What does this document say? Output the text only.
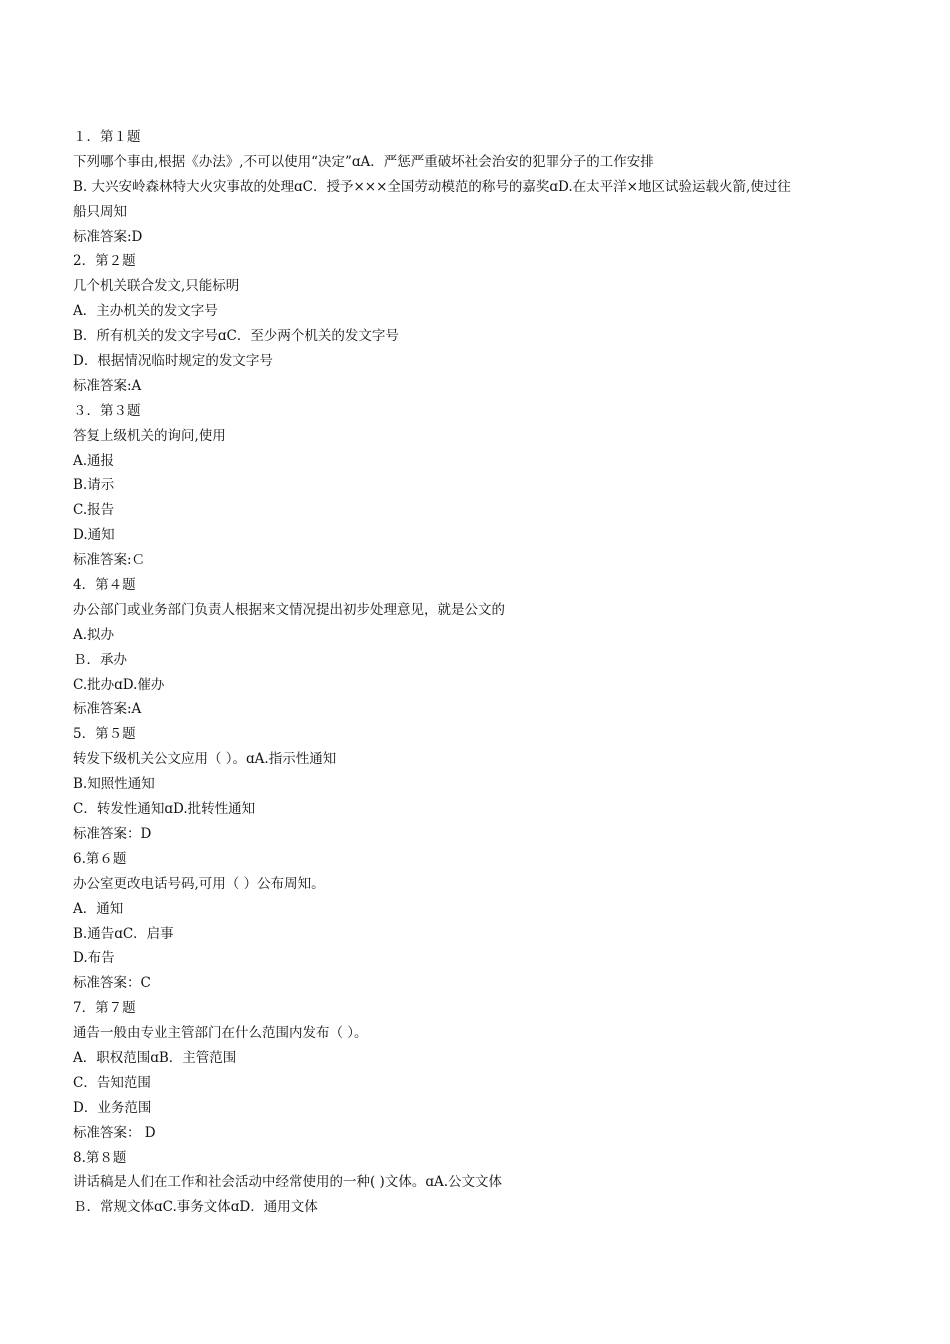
１．第１题
下列哪个事由,根据《办法》,不可以使用“决定”ɑA．严惩严重破坏社会治安的犯罪分子的工作安排
B. 大兴安岭森林特大火灾事故的处理ɑC．授予×××全国劳动模范的称号的嘉奖ɑD.在太平洋×地区试验运载火箭,使过往
船只周知
标准答案:D
2．第２题
几个机关联合发文,只能标明
A．主办机关的发文字号
B．所有机关的发文字号ɑC．至少两个机关的发文字号
D．根据情况临时规定的发文字号
标准答案:A
３．第３题
答复上级机关的询问,使用
A.通报
B.请示
C.报告
D.通知
标准答案:Ｃ
4．第４题
办公部门或业务部门负责人根据来文情况提出初步处理意见，就是公文的
A.拟办
Ｂ．承办
C.批办ɑD.催办
标准答案:A
5．第５题
转发下级机关公文应用（ ）。ɑA.指示性通知
B.知照性通知
C．转发性通知ɑD.批转性通知
标准答案：D
6.第６题
办公室更改电话号码,可用（ ）公布周知。
A．通知
B.通告ɑC．启事
D.布告
标准答案：C
7．第７题
通告一般由专业主管部门在什么范围内发布（ ）。
A．职权范围ɑB．主管范围
C．告知范围
D．业务范围
标准答案： D
8.第８题
讲话稿是人们在工作和社会活动中经常使用的一种( )文体。ɑA.公文文体
Ｂ．常规文体ɑC.事务文体ɑD．通用文体
